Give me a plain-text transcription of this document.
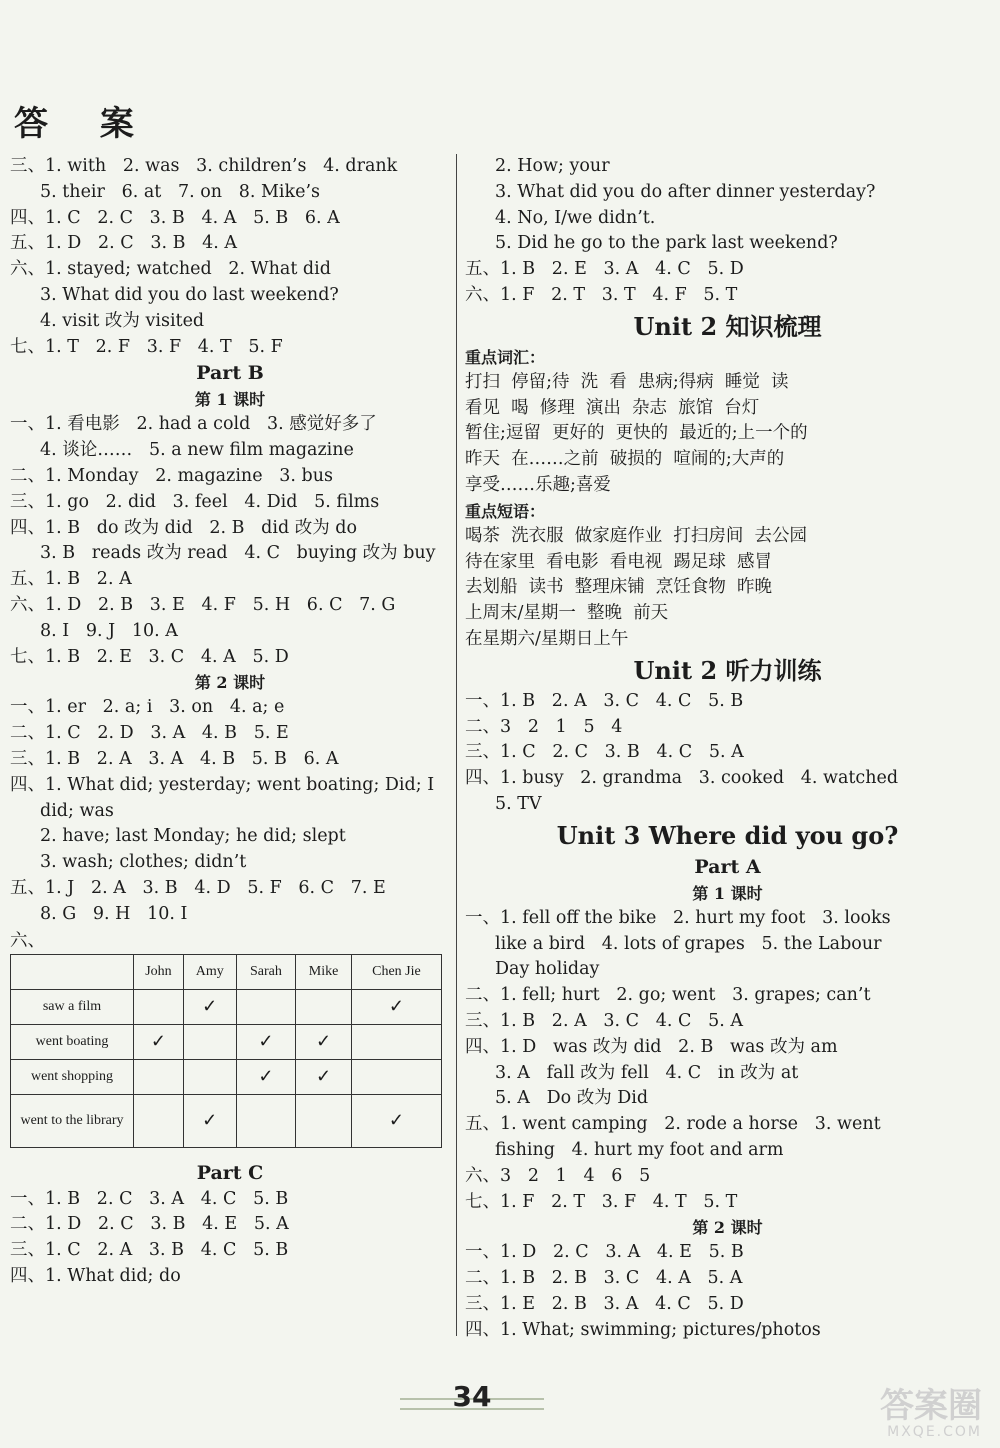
答 案
三、1. with   2. was   3. children’s   4. drank
5. their   6. at   7. on   8. Mike’s
四、1. C   2. C   3. B   4. A   5. B   6. A
五、1. D   2. C   3. B   4. A
六、1. stayed; watched   2. What did
3. What did you do last weekend?
4. visit 改为 visited
七、1. T   2. F   3. F   4. T   5. F
Part B
第 1 课时
一、1. 看电影   2. had a cold   3. 感觉好多了
4. 谈论……   5. a new film magazine
二、1. Monday   2. magazine   3. bus
三、1. go   2. did   3. feel   4. Did   5. films
四、1. B   do 改为 did   2. B   did 改为 do
3. B   reads 改为 read   4. C   buying 改为 buy
五、1. B   2. A
六、1. D   2. B   3. E   4. F   5. H   6. C   7. G
8. I   9. J   10. A
七、1. B   2. E   3. C   4. A   5. D
第 2 课时
一、1. er   2. a; i   3. on   4. a; e
二、1. C   2. D   3. A   4. B   5. E
三、1. B   2. A   3. A   4. B   5. B   6. A
四、1. What did; yesterday; went boating; Did; I
did; was
2. have; last Monday; he did; slept
3. wash; clothes; didn’t
五、1. J   2. A   3. B   4. D   5. F   6. C   7. E
8. G   9. H   10. I
六、
	John	Amy	Sarah	Mike	Chen Jie
saw a film		✓			✓
went boating	✓		✓	✓	
went shopping			✓	✓	
went to the library		✓			✓
Part C
一、1. B   2. C   3. A   4. C   5. B
二、1. D   2. C   3. B   4. E   5. A
三、1. C   2. A   3. B   4. C   5. B
四、1. What did; do
2. How; your
3. What did you do after dinner yesterday?
4. No, I/we didn’t.
5. Did he go to the park last weekend?
五、1. B   2. E   3. A   4. C   5. D
六、1. F   2. T   3. T   4. F   5. T
Unit 2 知识梳理
重点词汇：
打扫  停留;待  洗  看  患病;得病  睡觉  读
看见  喝  修理  演出  杂志  旅馆  台灯
暂住;逗留  更好的  更快的  最近的;上一个的
昨天  在……之前  破损的  喧闹的;大声的
享受……乐趣;喜爱
重点短语：
喝茶  洗衣服  做家庭作业  打扫房间  去公园
待在家里  看电影  看电视  踢足球  感冒
去划船  读书  整理床铺  烹饪食物  昨晚
上周末/星期一  整晚  前天
在星期六/星期日上午
Unit 2 听力训练
一、1. B   2. A   3. C   4. C   5. B
二、3   2   1   5   4
三、1. C   2. C   3. B   4. C   5. A
四、1. busy   2. grandma   3. cooked   4. watched
5. TV
Unit 3 Where did you go?
Part A
第 1 课时
一、1. fell off the bike   2. hurt my foot   3. looks
like a bird   4. lots of grapes   5. the Labour
Day holiday
二、1. fell; hurt   2. go; went   3. grapes; can’t
三、1. B   2. A   3. C   4. C   5. A
四、1. D   was 改为 did   2. B   was 改为 am
3. A   fall 改为 fell   4. C   in 改为 at
5. A   Do 改为 Did
五、1. went camping   2. rode a horse   3. went
fishing   4. hurt my foot and arm
六、3   2   1   4   6   5
七、1. F   2. T   3. F   4. T   5. T
第 2 课时
一、1. D   2. C   3. A   4. E   5. B
二、1. B   2. B   3. C   4. A   5. A
三、1. E   2. B   3. A   4. C   5. D
四、1. What; swimming; pictures/photos
34	答案圈
MXQE.COM
